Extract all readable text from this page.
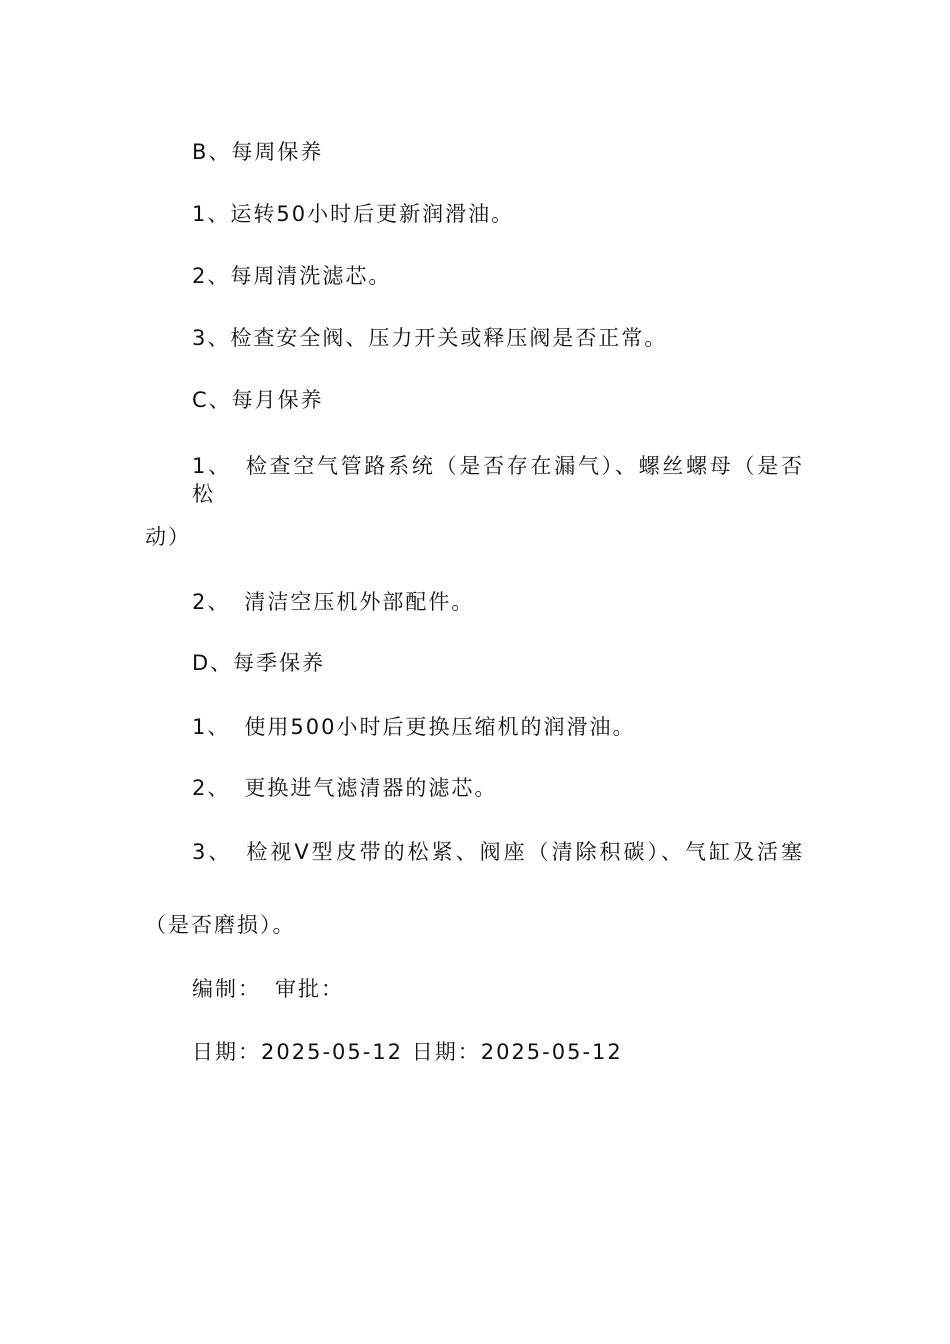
B、每周保养
1、运转50小时后更新润滑油。
2、每周清洗滤芯。
3、检查安全阀、压力开关或释压阀是否正常。
C、每月保养
1、 检查空气管路系统（是否存在漏气）、螺丝螺母（是否松
动）
2、 清洁空压机外部配件。
D、每季保养
1、 使用500小时后更换压缩机的润滑油。
2、 更换进气滤清器的滤芯。
3、 检视V型皮带的松紧、阀座（清除积碳）、气缸及活塞
（是否磨损）。
编制： 审批：
日期：2025-05-12 日期：2025-05-12
